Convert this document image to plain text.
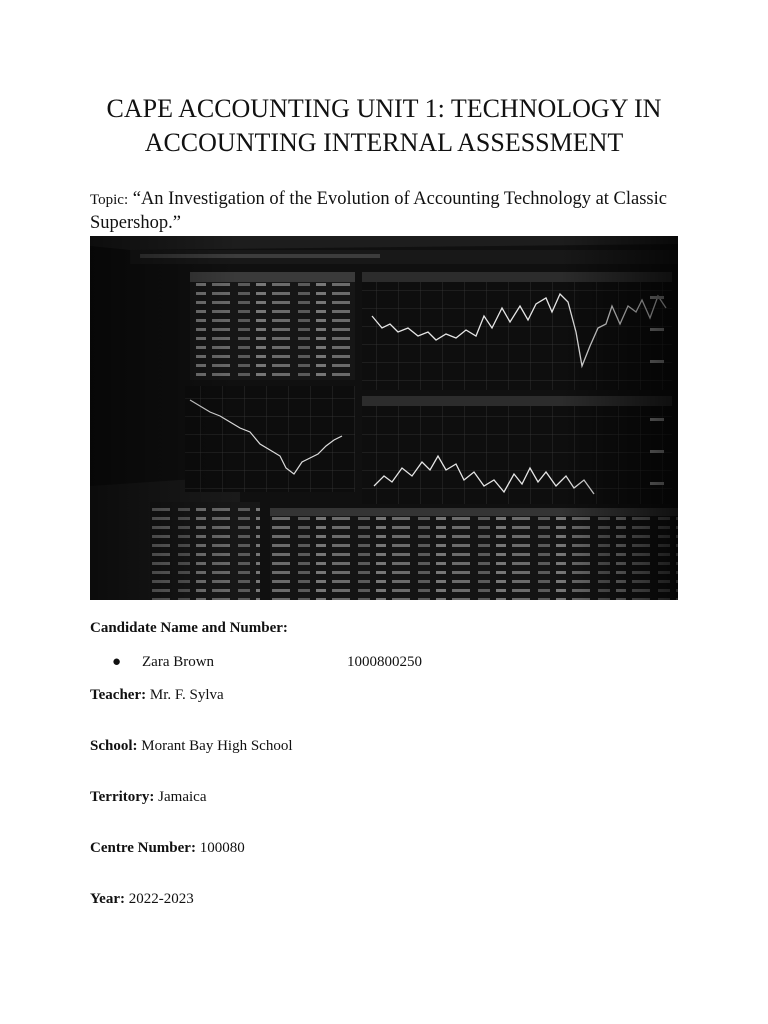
CAPE ACCOUNTING UNIT 1: TECHNOLOGY IN
ACCOUNTING INTERNAL ASSESSMENT

Topic: “An Investigation of the Evolution of Accounting Technology at Classic Supershop.”

Candidate Name and Number:

● Zara Brown	1000800250

Teacher: Mr. F. Sylva

School: Morant Bay High School

Territory: Jamaica

Centre Number: 100080

Year: 2022-2023
